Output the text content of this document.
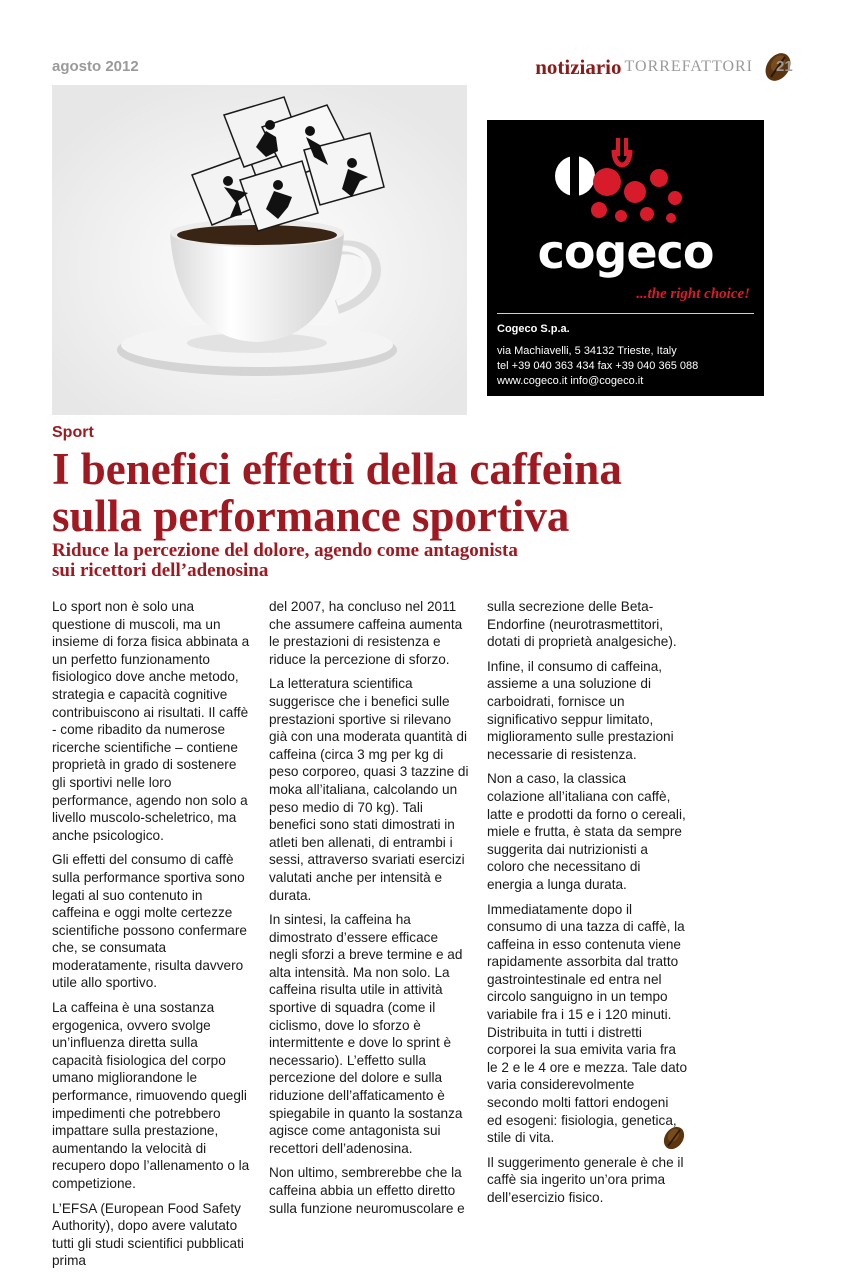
agosto 2012	notiziario TORREFATTORI 21
cogeco
...the right choice!
Cogeco S.p.a.
via Machiavelli, 5 34132 Trieste, Italy
tel +39 040 363 434 fax +39 040 365 088
www.cogeco.it info@cogeco.it
Sport
I benefici effetti della caffeina
sulla performance sportiva
Riduce la percezione del dolore, agendo come antagonista
sui ricettori dell’adenosina

Lo sport non è solo una questione di muscoli, ma un insieme di forza fisica abbinata a un perfetto funzionamento fisiologico dove anche metodo, strategia e capacità cognitive contribuiscono ai risultati. Il caffè - come ribadito da numerose ricerche scientifiche – contiene proprietà in grado di sostenere gli sportivi nelle loro performance, agendo non solo a livello muscolo-scheletrico, ma anche psicologico.

Gli effetti del consumo di caffè sulla performance sportiva sono legati al suo contenuto in caffeina e oggi molte certezze scientifiche possono confermare che, se consumata moderatamente, risulta davvero utile allo sportivo.

La caffeina è una sostanza ergogenica, ovvero svolge un’influenza diretta sulla capacità fisiologica del corpo umano migliorandone le performance, rimuovendo quegli impedimenti che potrebbero impattare sulla prestazione, aumentando la velocità di recupero dopo l’allenamento o la competizione.

L’EFSA (European Food Safety Authority), dopo avere valutato tutti gli studi scientifici pubblicati prima

del 2007, ha concluso nel 2011 che assumere caffeina aumenta le prestazioni di resistenza e riduce la percezione di sforzo.

La letteratura scientifica suggerisce che i benefici sulle prestazioni sportive si rilevano già con una moderata quantità di caffeina (circa 3 mg per kg di peso corporeo, quasi 3 tazzine di moka all’italiana, calcolando un peso medio di 70 kg). Tali benefici sono stati dimostrati in atleti ben allenati, di entrambi i sessi, attraverso svariati esercizi valutati anche per intensità e durata.

In sintesi, la caffeina ha dimostrato d’essere efficace negli sforzi a breve termine e ad alta intensità. Ma non solo. La caffeina risulta utile in attività sportive di squadra (come il ciclismo, dove lo sforzo è intermittente e dove lo sprint è necessario). L’effetto sulla percezione del dolore e sulla riduzione dell’affaticamento è spiegabile in quanto la sostanza agisce come antagonista sui recettori dell’adenosina.

Non ultimo, sembrerebbe che la caffeina abbia un effetto diretto sulla funzione neuromuscolare e

sulla secrezione delle Beta-Endorfine (neurotrasmettitori, dotati di proprietà analgesiche).

Infine, il consumo di caffeina, assieme a una soluzione di carboidrati, fornisce un significativo seppur limitato, miglioramento sulle prestazioni necessarie di resistenza.

Non a caso, la classica colazione all’italiana con caffè, latte e prodotti da forno o cereali, miele e frutta, è stata da sempre suggerita dai nutrizionisti a coloro che necessitano di energia a lunga durata.

Immediatamente dopo il consumo di una tazza di caffè, la caffeina in esso contenuta viene rapidamente assorbita dal tratto gastrointestinale ed entra nel circolo sanguigno in un tempo variabile fra i 15 e i 120 minuti. Distribuita in tutti i distretti corporei la sua emivita varia fra le 2 e le 4 ore e mezza. Tale dato varia considerevolmente secondo molti fattori endogeni ed esogeni: fisiologia, genetica, stile di vita.

Il suggerimento generale è che il caffè sia ingerito un’ora prima dell’esercizio fisico.
